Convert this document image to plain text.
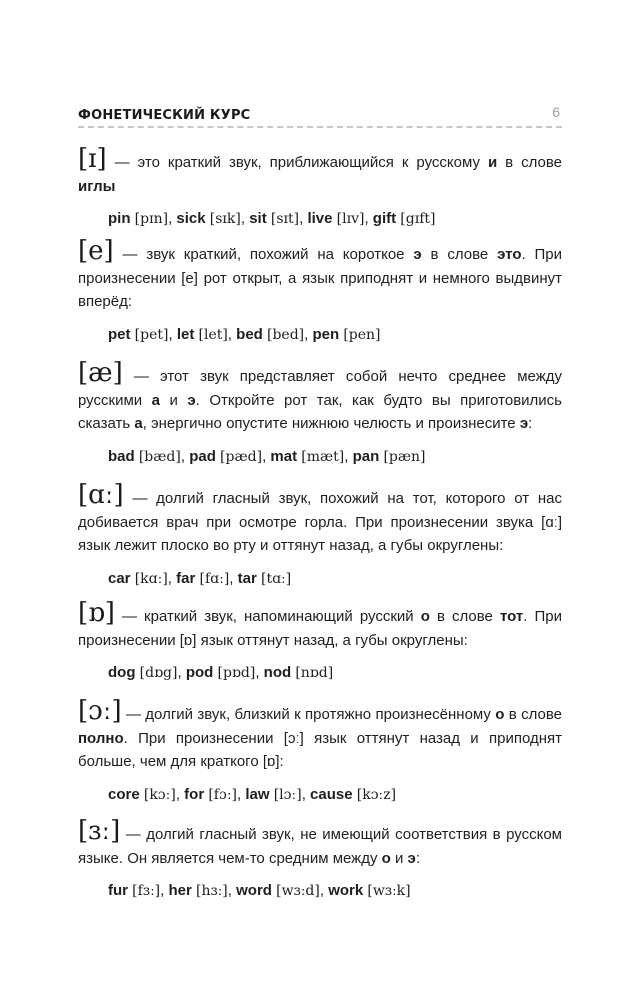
ФОНЕТИЧЕСКИЙ КУРС	6
[ɪ] — это краткий звук, приближающийся к русскому и в слове иглы
pin [pɪn], sick [sɪk], sit [sɪt], live [lɪv], gift [gɪft]
[e] — звук краткий, похожий на короткое э в слове это. При произнесении [e] рот открыт, а язык приподнят и немного выдвинут вперёд:
pet [pet], let [let], bed [bed], pen [pen]
[æ] — этот звук представляет собой нечто среднее между русскими а и э. Откройте рот так, как будто вы приготовились сказать а, энергично опустите нижнюю челюсть и произнесите э:
bad [bæd], pad [pæd], mat [mæt], pan [pæn]
[ɑː] — долгий гласный звук, похожий на тот, которого от нас добивается врач при осмотре горла. При произнесении звука [ɑː] язык лежит плоско во рту и оттянут назад, а губы округлены:
car [kɑː], far [fɑː], tar [tɑː]
[ɒ] — краткий звук, напоминающий русский о в слове тот. При произнесении [ɒ] язык оттянут назад, а губы округлены:
dog [dɒg], pod [pɒd], nod [nɒd]
[ɔː] — долгий звук, близкий к протяжно произнесённому о в слове полно. При произнесении [ɔː] язык оттянут назад и приподнят больше, чем для краткого [ɒ]:
core [kɔː], for [fɔː], law [lɔː], cause [kɔːz]
[ɜː] — долгий гласный звук, не имеющий соответствия в русском языке. Он является чем-то средним между о и э:
fur [fɜː], her [hɜː], word [wɜːd], work [wɜːk]
